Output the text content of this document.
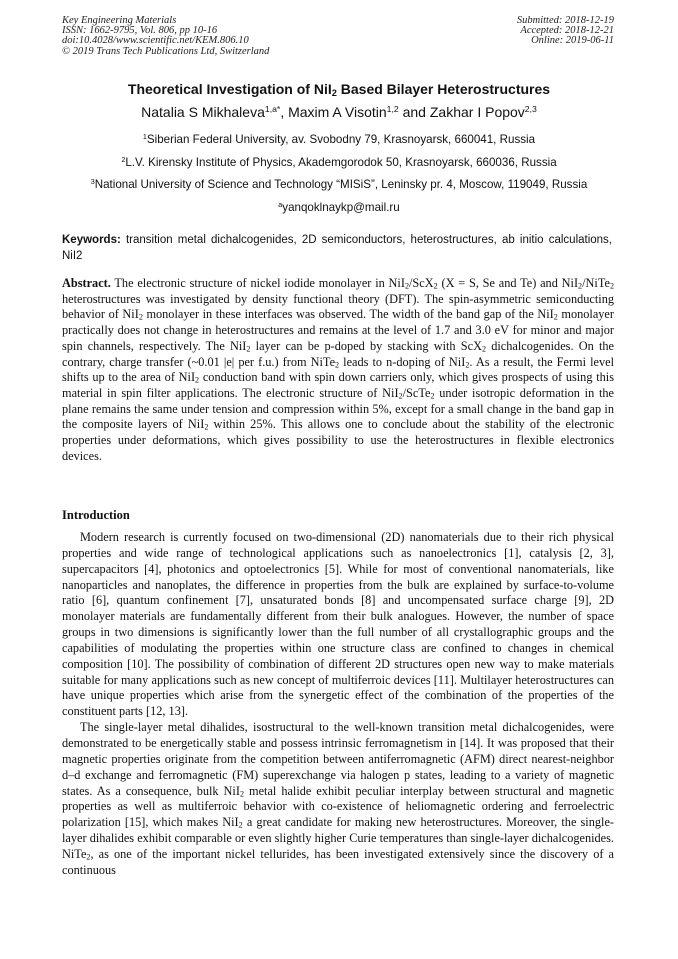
Key Engineering Materials
ISSN: 1662-9795, Vol. 806, pp 10-16
doi:10.4028/www.scientific.net/KEM.806.10
© 2019 Trans Tech Publications Ltd, Switzerland
Submitted: 2018-12-19
Accepted: 2018-12-21
Online: 2019-06-11
Theoretical Investigation of NiI$_2$ Based Bilayer Heterostructures
Natalia S Mikhaleva$^{1,a*}$, Maxim A Visotin$^{1,2}$ and Zakhar I Popov$^{2,3}$
$^1$Siberian Federal University, av. Svobodny 79, Krasnoyarsk, 660041, Russia
$^2$L.V. Kirensky Institute of Physics, Akademgorodok 50, Krasnoyarsk, 660036, Russia
$^3$National University of Science and Technology “MISiS”, Leninsky pr. 4, Moscow, 119049, Russia
$^a$yanqoklnaykp@mail.ru
Keywords: transition metal dichalcogenides, 2D semiconductors, heterostructures, ab initio calculations, NiI2
Abstract. The electronic structure of nickel iodide monolayer in NiI$_2$/ScX$_2$ (X = S, Se and Te) and NiI$_2$/NiTe$_2$ heterostructures was investigated by density functional theory (DFT). The spin-asymmetric semiconducting behavior of NiI$_2$ monolayer in these interfaces was observed. The width of the band gap of the NiI$_2$ monolayer practically does not change in heterostructures and remains at the level of 1.7 and 3.0 eV for minor and major spin channels, respectively. The NiI$_2$ layer can be p-doped by stacking with ScX$_2$ dichalcogenides. On the contrary, charge transfer (~0.01 |e| per f.u.) from NiTe$_2$ leads to n-doping of NiI$_2$. As a result, the Fermi level shifts up to the area of NiI$_2$ conduction band with spin down carriers only, which gives prospects of using this material in spin filter applications. The electronic structure of NiI$_2$/ScTe$_2$ under isotropic deformation in the plane remains the same under tension and compression within 5%, except for a small change in the band gap in the composite layers of NiI$_2$ within 25%. This allows one to conclude about the stability of the electronic properties under deformations, which gives possibility to use the heterostructures in flexible electronics devices.
Introduction

Modern research is currently focused on two-dimensional (2D) nanomaterials due to their rich physical properties and wide range of technological applications such as nanoelectronics [1], catalysis [2, 3], supercapacitors [4], photonics and optoelectronics [5]. While for most of conventional nanomaterials, like nanoparticles and nanoplates, the difference in properties from the bulk are explained by surface-to-volume ratio [6], quantum confinement [7], unsaturated bonds [8] and uncompensated surface charge [9], 2D monolayer materials are fundamentally different from their bulk analogues. However, the number of space groups in two dimensions is significantly lower than the full number of all crystallographic groups and the capabilities of modulating the properties within one structure class are confined to changes in chemical composition [10]. The possibility of combination of different 2D structures open new way to make materials suitable for many applications such as new concept of multiferroic devices [11]. Multilayer heterostructures can have unique properties which arise from the synergetic effect of the combination of the properties of the constituent parts [12, 13].

The single-layer metal dihalides, isostructural to the well-known transition metal dichalcogenides, were demonstrated to be energetically stable and possess intrinsic ferromagnetism in [14]. It was proposed that their magnetic properties originate from the competition between antiferromagnetic (AFM) direct nearest-neighbor d–d exchange and ferromagnetic (FM) superexchange via halogen p states, leading to a variety of magnetic states. As a consequence, bulk NiI$_2$ metal halide exhibit peculiar interplay between structural and magnetic properties as well as multiferroic behavior with co-existence of heliomagnetic ordering and ferroelectric polarization [15], which makes NiI$_2$ a great candidate for making new heterostructures. Moreover, the single-layer dihalides exhibit comparable or even slightly higher Curie temperatures than single-layer dichalcogenides. NiTe$_2$, as one of the important nickel tellurides, has been investigated extensively since the discovery of a continuous
